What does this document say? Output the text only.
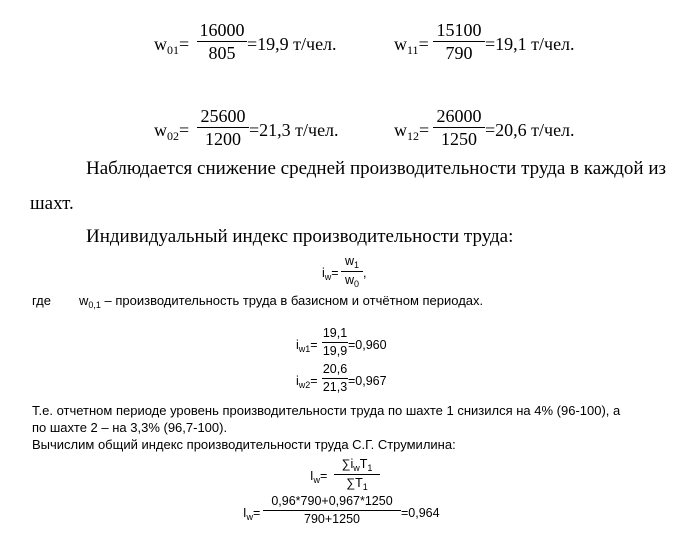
$w_{01}=$
16000
805 =19,9 т/чел.	$w_{11}=$
15100
790 =19,1 т/чел.
$w_{02}=$
25600
1200 =21,3 т/чел.	$w_{12}=$
26000
1250 =20,6 т/чел.
Наблюдается снижение средней производительности труда в каждой из
шахт.
Индивидуальный индекс производительности труда:
$i_w=$
$w_1$
$w_0$
,
где $w_{0,1}$ – производительность труда в базисном и отчётном периодах.
$i_{w1}=$
19,1
19,9 =0,960
$i_{w2}=$
20,6
21,3 =0,967
Т.е. отчетном периоде уровень производительности труда по шахте 1 снизился на 4% (96-100), а
по шахте 2 – на 3,3% (96,7-100).
Вычислим общий индекс производительности труда С.Г. Струмилина:
$I_w=$
$\sum i_wT_1$
$\sum T_1$
$I_w=$
0,96*790+0,967*1250
790+1250	=0,964
